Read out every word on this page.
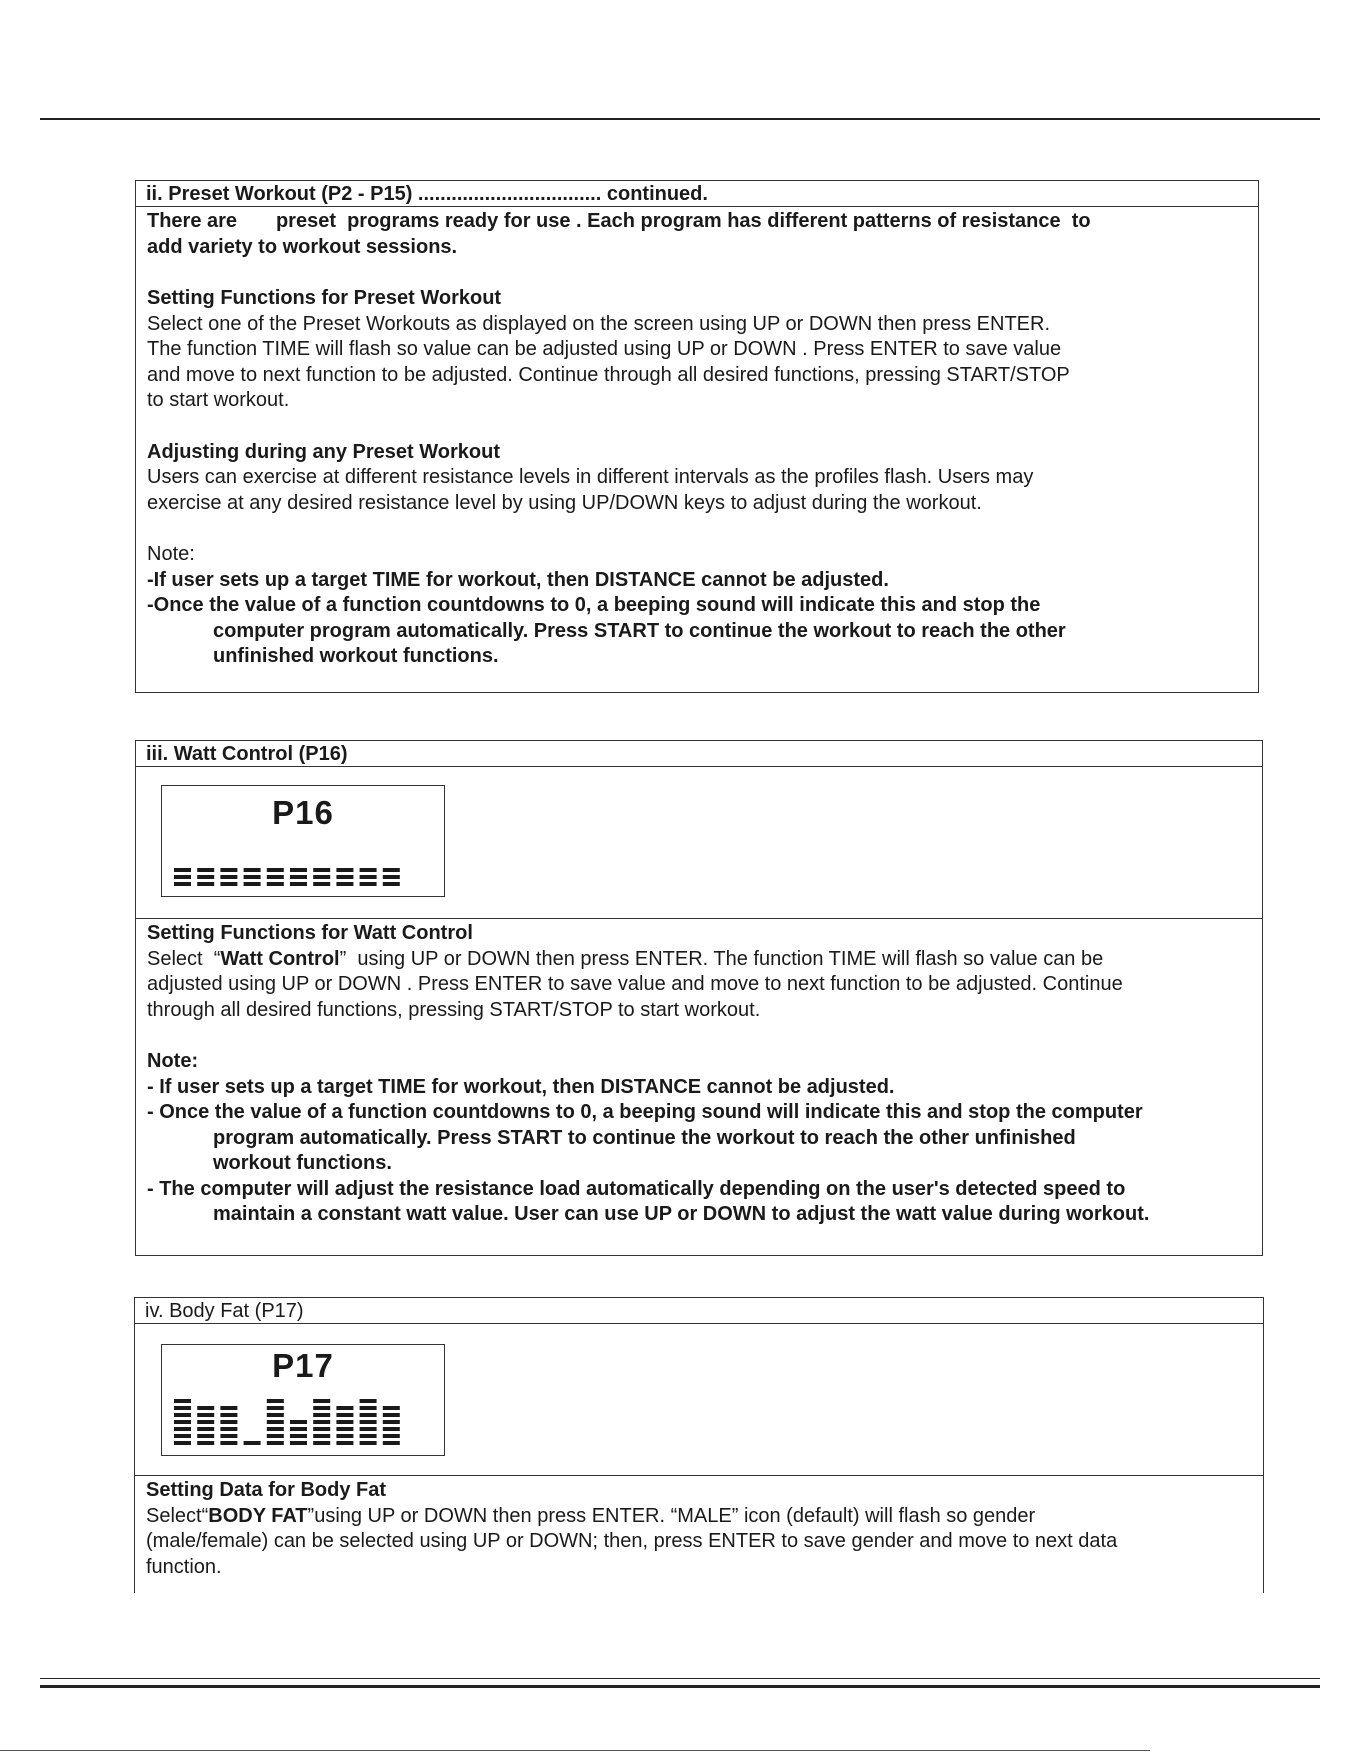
ii. Preset Workout (P2 - P15) ................................. continued.
There are       preset  programs ready for use . Each program has different patterns of resistance  to
add variety to workout sessions.
Setting Functions for Preset Workout
Select one of the Preset Workouts as displayed on the screen using UP or DOWN then press ENTER.
The function TIME will flash so value can be adjusted using UP or DOWN . Press ENTER to save value
and move to next function to be adjusted. Continue through all desired functions, pressing START/STOP
to start workout.
Adjusting during any Preset Workout
Users can exercise at different resistance levels in different intervals as the profiles flash. Users may
exercise at any desired resistance level by using UP/DOWN keys to adjust during the workout.
Note:
-If user sets up a target TIME for workout, then DISTANCE cannot be adjusted.
-Once the value of a function countdowns to 0, a beeping sound will indicate this and stop the
computer program automatically. Press START to continue the workout to reach the other
unfinished workout functions.
iii. Watt Control (P16)
P16
Setting Functions for Watt Control
Select  “Watt Control”  using UP or DOWN then press ENTER. The function TIME will flash so value can be
adjusted using UP or DOWN . Press ENTER to save value and move to next function to be adjusted. Continue
through all desired functions, pressing START/STOP to start workout.
Note:
- If user sets up a target TIME for workout, then DISTANCE cannot be adjusted.
- Once the value of a function countdowns to 0, a beeping sound will indicate this and stop the computer
program automatically. Press START to continue the workout to reach the other unfinished
workout functions.
- The computer will adjust the resistance load automatically depending on the user's detected speed to
maintain a constant watt value. User can use UP or DOWN to adjust the watt value during workout.
iv. Body Fat (P17)
P17
Setting Data for Body Fat
Select“BODY FAT”using UP or DOWN then press ENTER. “MALE” icon (default) will flash so gender
(male/female) can be selected using UP or DOWN; then, press ENTER to save gender and move to next data
function.
